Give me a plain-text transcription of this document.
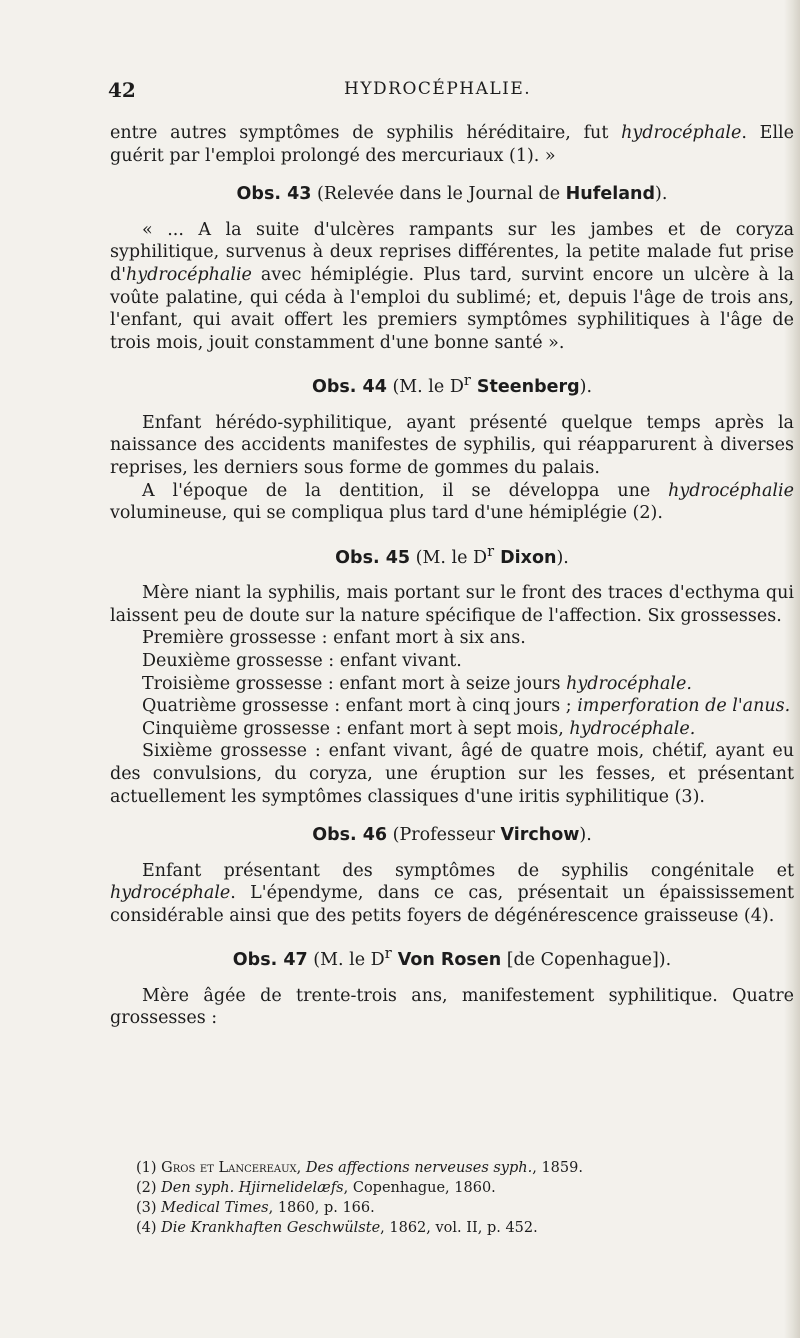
42	HYDROCÉPHALIE.

entre autres symptômes de syphilis héréditaire, fut hydrocéphale. Elle guérit par l'emploi prolongé des mercuriaux (1). »

Obs. 43 (Relevée dans le Journal de Hufeland).

« ... A la suite d'ulcères rampants sur les jambes et de coryza syphilitique, survenus à deux reprises différentes, la petite malade fut prise d'hydrocéphalie avec hémiplégie. Plus tard, survint encore un ulcère à la voûte palatine, qui céda à l'emploi du sublimé; et, depuis l'âge de trois ans, l'enfant, qui avait offert les premiers symptômes syphilitiques à l'âge de trois mois, jouit constamment d'une bonne santé ».

Obs. 44 (M. le $D^r$ Steenberg).

Enfant hérédo-syphilitique, ayant présenté quelque temps après la naissance des accidents manifestes de syphilis, qui réapparurent à diverses reprises, les derniers sous forme de gommes du palais.

A l'époque de la dentition, il se développa une hydrocéphalie volumineuse, qui se compliqua plus tard d'une hémiplégie (2).

Obs. 45 (M. le $D^r$ Dixon).

Mère niant la syphilis, mais portant sur le front des traces d'ecthyma qui laissent peu de doute sur la nature spécifique de l'affection. Six grossesses.

Première grossesse : enfant mort à six ans.

Deuxième grossesse : enfant vivant.

Troisième grossesse : enfant mort à seize jours hydrocéphale.

Quatrième grossesse : enfant mort à cinq jours ; imperforation de l'anus.

Cinquième grossesse : enfant mort à sept mois, hydrocéphale.

Sixième grossesse : enfant vivant, âgé de quatre mois, chétif, ayant eu des convulsions, du coryza, une éruption sur les fesses, et présentant actuellement les symptômes classiques d'une iritis syphilitique (3).

Obs. 46 (Professeur Virchow).

Enfant présentant des symptômes de syphilis congénitale et hydrocéphale. L'épendyme, dans ce cas, présentait un épaississement considérable ainsi que des petits foyers de dégénérescence graisseuse (4).

Obs. 47 (M. le $D^r$ Von Rosen [de Copenhague]).

Mère âgée de trente-trois ans, manifestement syphilitique. Quatre grossesses :

(1) Gros et Lancereaux, Des affections nerveuses syph., 1859.
(2) Den syph. Hjirnelidelæfs, Copenhague, 1860.
(3) Medical Times, 1860, p. 166.
(4) Die Krankhaften Geschwülste, 1862, vol. II, p. 452.
